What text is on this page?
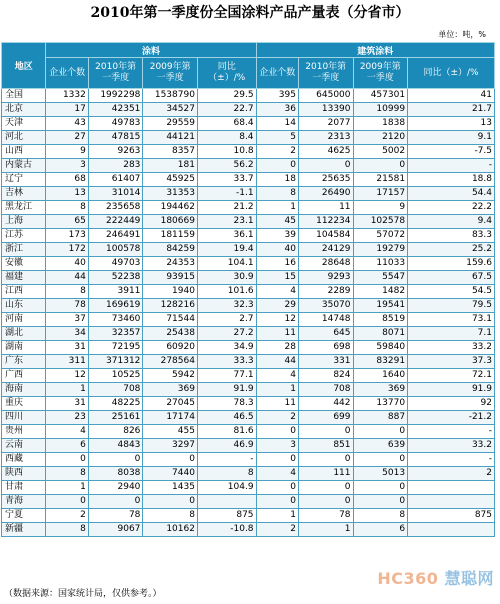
2010年第一季度份全国涂料产品产量表（分省市）
单位：吨，%
地区	涂料				建筑涂料			
	企业个数	2010年第一季度	2009年第一季度	同比（±）/%	企业个数	2010年第一季度	2009年第一季度	同比（±）/%
全国	1332	1992298	1538790	29.5	395	645000	457301	41
北京	17	42351	34527	22.7	36	13390	10999	21.7
天津	43	49783	29559	68.4	14	2077	1838	13
河北	27	47815	44121	8.4	5	2313	2120	9.1
山西	9	9263	8357	10.8	2	4625	5002	-7.5
内蒙古	3	283	181	56.2	0	0	0	-
辽宁	68	61407	45925	33.7	18	25635	21581	18.8
吉林	13	31014	31353	-1.1	8	26490	17157	54.4
黑龙江	8	235658	194462	21.2	1	11	9	22.2
上海	65	222449	180669	23.1	45	112234	102578	9.4
江苏	173	246491	181159	36.1	39	104584	57072	83.3
浙江	172	100578	84259	19.4	40	24129	19279	25.2
安徽	40	49703	24353	104.1	16	28648	11033	159.6
福建	44	52238	93915	30.9	15	9293	5547	67.5
江西	8	3911	1940	101.6	4	2289	1482	54.5
山东	78	169619	128216	32.3	29	35070	19541	79.5
河南	37	73460	71544	2.7	12	14748	8519	73.1
湖北	34	32357	25438	27.2	11	645	8071	7.1
湖南	31	72195	60920	34.9	28	698	59840	33.2
广东	311	371312	278564	33.3	44	331	83291	37.3
广西	12	10525	5942	77.1	4	824	1640	72.1
海南	1	708	369	91.9	1	708	369	91.9
重庆	31	48225	27045	78.3	11	442	13770	92
四川	23	25161	17174	46.5	2	699	887	-21.2
贵州	4	826	455	81.6	0	0	0	-
云南	6	4843	3297	46.9	3	851	639	33.2
西藏	0	0	0	-	0	0	0	-
陕西	8	8038	7440	8	4	111	5013	2
甘肃	1	2940	1435	104.9	0	0	0	
青海	0	0	0		0	0	0	
宁夏	2	78	8	875	1	78	8	875
新疆	8	9067	10162	-10.8	2	1	6	
（数据来源：国家统计局，仅供参考。）
HC360 慧聪网
